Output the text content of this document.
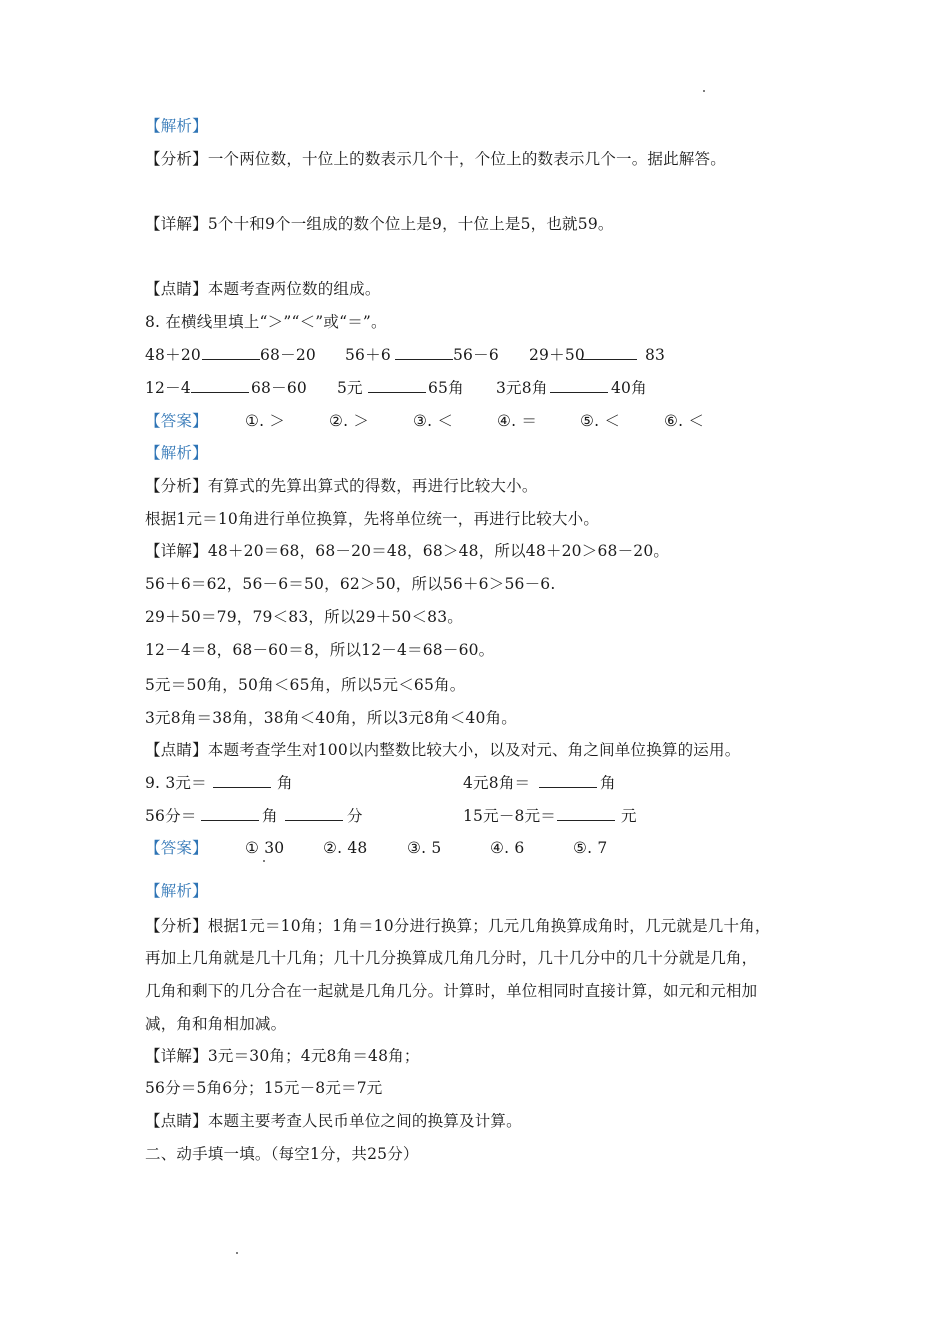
【解析】
【分析】一个两位数，十位上的数表示几个十，个位上的数表示几个一。据此解答。
【详解】5个十和9个一组成的数个位上是9，十位上是5，也就59。
【点睛】本题考查两位数的组成。
8. 在横线里填上“＞”“＜”或“＝”。
48＋20	68－20 56＋6	56－6 29＋50	83
12－4	68－60 5元	65角 3元8角	40角
【答案】 ①. ＞	②. ＞	③. ＜	④. ＝	⑤. ＜	⑥. ＜
【解析】
【分析】有算式的先算出算式的得数，再进行比较大小。
根据1元＝10角进行单位换算，先将单位统一，再进行比较大小。
【详解】48＋20＝68，68－20＝48，68＞48，所以48＋20＞68－20。
56＋6＝62，56－6＝50，62＞50，所以56＋6＞56－6.
29＋50＝79，79＜83，所以29＋50＜83。
12－4＝8，68－60＝8，所以12－4＝68－60。
5元＝50角，50角＜65角，所以5元＜65角。
3元8角＝38角，38角＜40角，所以3元8角＜40角。
【点睛】本题考查学生对100以内整数比较大小，以及对元、角之间单位换算的运用。
9. 3元＝	角	4元8角＝	角
56分＝	角	分	15元－8元＝	元
【答案】 ① 30 ②. 48	③. 5	④. 6	⑤. 7
【解析】
【分析】根据1元＝10角；1角＝10分进行换算；几元几角换算成角时，几元就是几十角，
再加上几角就是几十几角；几十几分换算成几角几分时，几十几分中的几十分就是几角，
几角和剩下的几分合在一起就是几角几分。计算时，单位相同时直接计算，如元和元相加
减，角和角相加减。
【详解】3元＝30角；4元8角＝48角；
56分＝5角6分；15元－8元＝7元
【点睛】本题主要考查人民币单位之间的换算及计算。
二、动手填一填。（每空1分，共25分）
